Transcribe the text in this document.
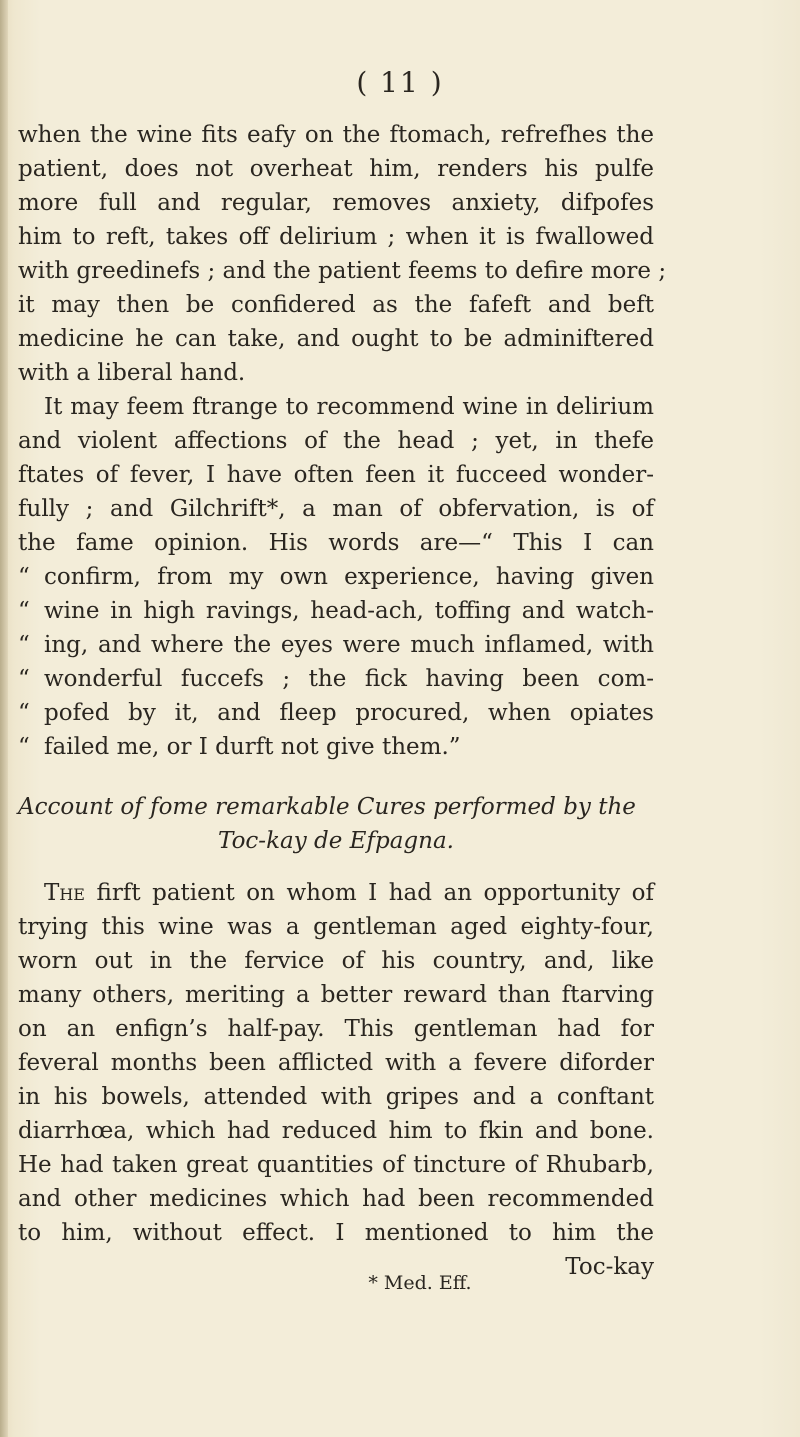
( 11 )
when the wine fits eafy on the ftomach, refrefhes the
patient, does not overheat him, renders his pulfe
more full and regular, removes anxiety, difpofes
him to reft, takes off delirium ; when it is fwallowed
with greedinefs ; and the patient feems to defire more ;
it may then be confidered as the fafeft and beft
medicine he can take, and ought to be adminiftered
with a liberal hand.
It may feem ftrange to recommend wine in delirium
and violent affections of the head ; yet, in thefe
ftates of fever, I have often feen it fucceed wonder-
fully ; and Gilchrift*, a man of obfervation, is of
the fame opinion. His words are—“ This I can
“ confirm, from my own experience, having given
“ wine in high ravings, head-ach, toffing and watch-
“ ing, and where the eyes were much inflamed, with
“ wonderful fuccefs ; the fick having been com-
“ pofed by it, and fleep procured, when opiates
“ failed me, or I durft not give them.”
Account of fome remarkable Cures performed by the
Toc-kay de Efpagna.
The firft patient on whom I had an opportunity of
trying this wine was a gentleman aged eighty-four,
worn out in the fervice of his country, and, like
many others, meriting a better reward than ftarving
on an enfign’s half-pay. This gentleman had for
feveral months been afflicted with a fevere diforder
in his bowels, attended with gripes and a conftant
diarrhœa, which had reduced him to fkin and bone.
He had taken great quantities of tincture of Rhubarb,
and other medicines which had been recommended
to him, without effect. I mentioned to him the
Toc-kay
* Med. Eff.
